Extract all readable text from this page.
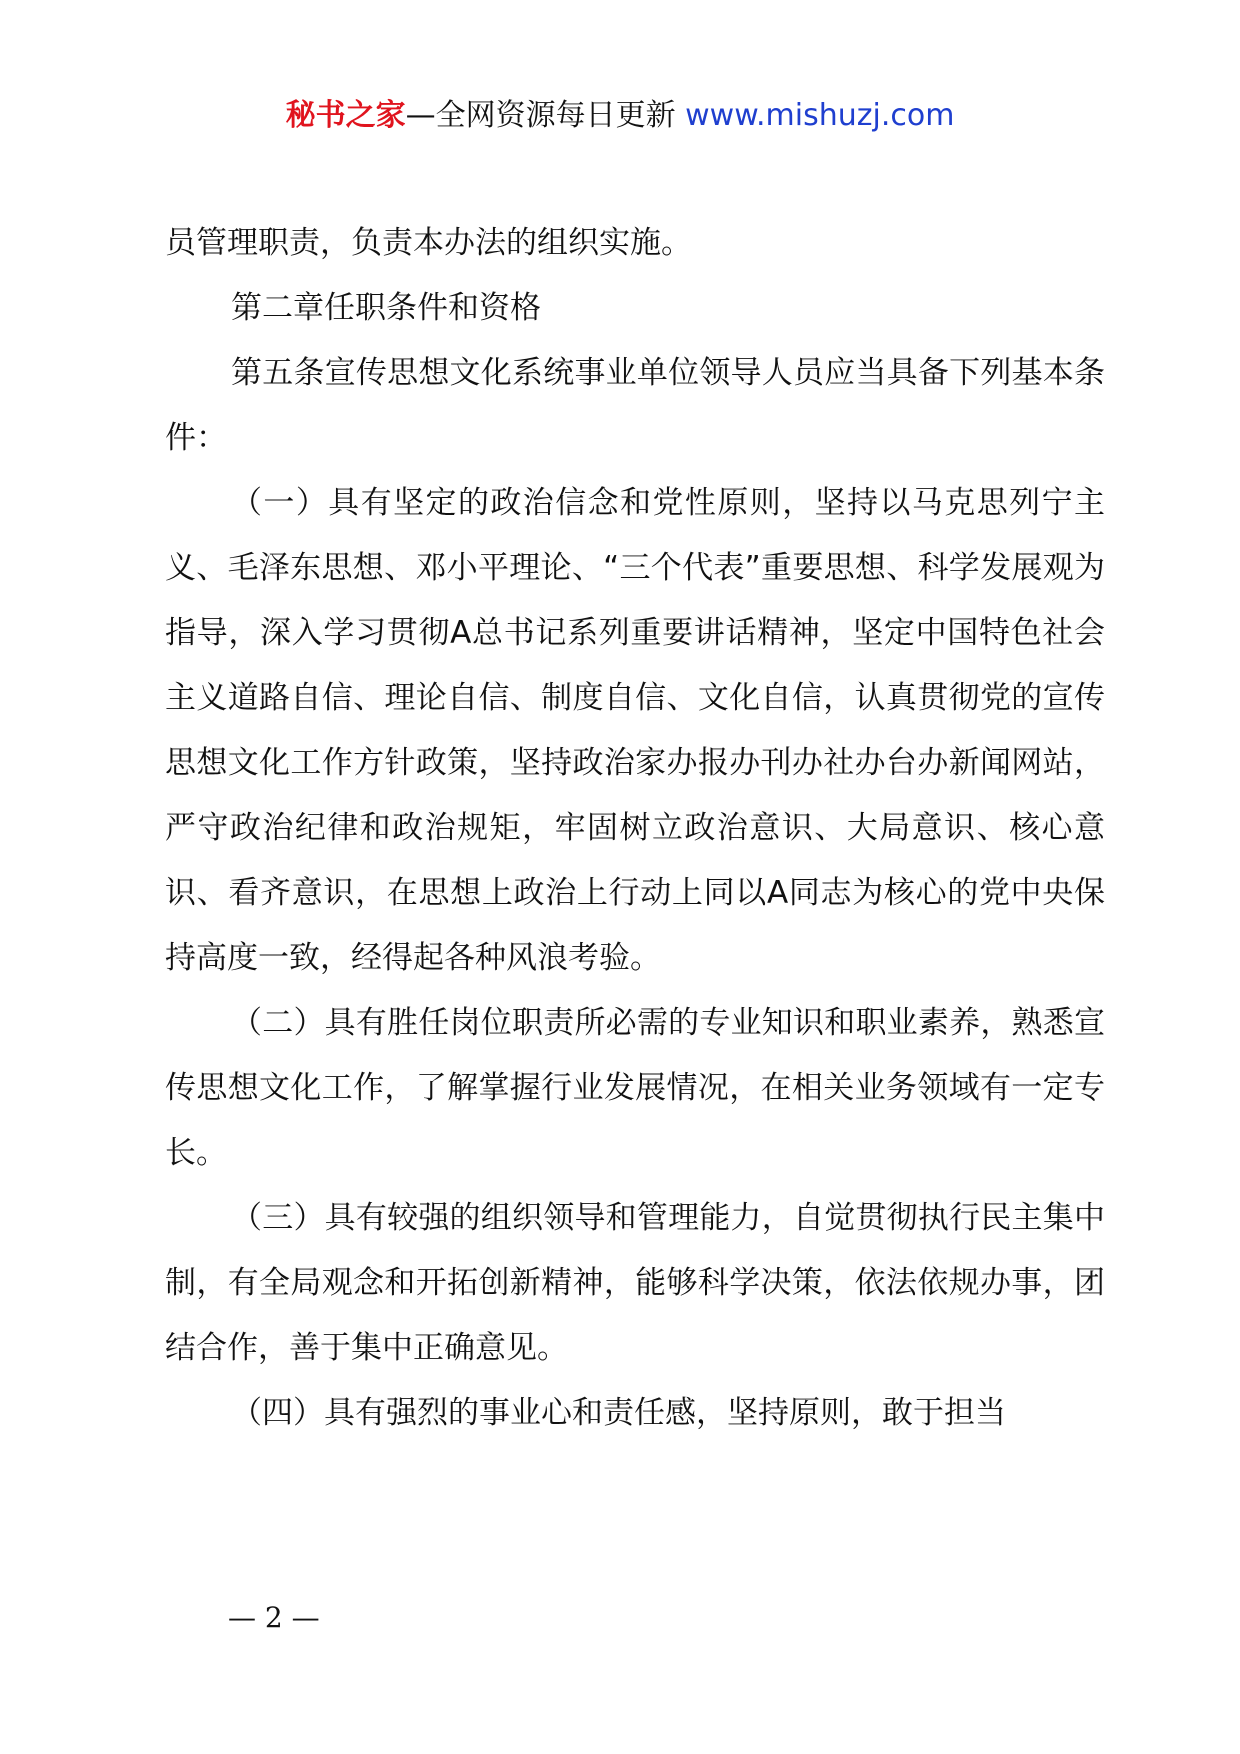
秘书之家—全网资源每日更新 www.mishuzj.com

员管理职责，负责本办法的组织实施。

第二章任职条件和资格

第五条宣传思想文化系统事业单位领导人员应当具备下列基本条件：

（一）具有坚定的政治信念和党性原则，坚持以马克思列宁主义、毛泽东思想、邓小平理论、“三个代表”重要思想、科学发展观为指导，深入学习贯彻A总书记系列重要讲话精神，坚定中国特色社会主义道路自信、理论自信、制度自信、文化自信，认真贯彻党的宣传思想文化工作方针政策，坚持政治家办报办刊办社办台办新闻网站，严守政治纪律和政治规矩，牢固树立政治意识、大局意识、核心意识、看齐意识，在思想上政治上行动上同以A同志为核心的党中央保持高度一致，经得起各种风浪考验。

（二）具有胜任岗位职责所必需的专业知识和职业素养，熟悉宣传思想文化工作，了解掌握行业发展情况，在相关业务领域有一定专长。

（三）具有较强的组织领导和管理能力，自觉贯彻执行民主集中制，有全局观念和开拓创新精神，能够科学决策，依法依规办事，团结合作，善于集中正确意见。

（四）具有强烈的事业心和责任感，坚持原则，敢于担当

— 2 —
